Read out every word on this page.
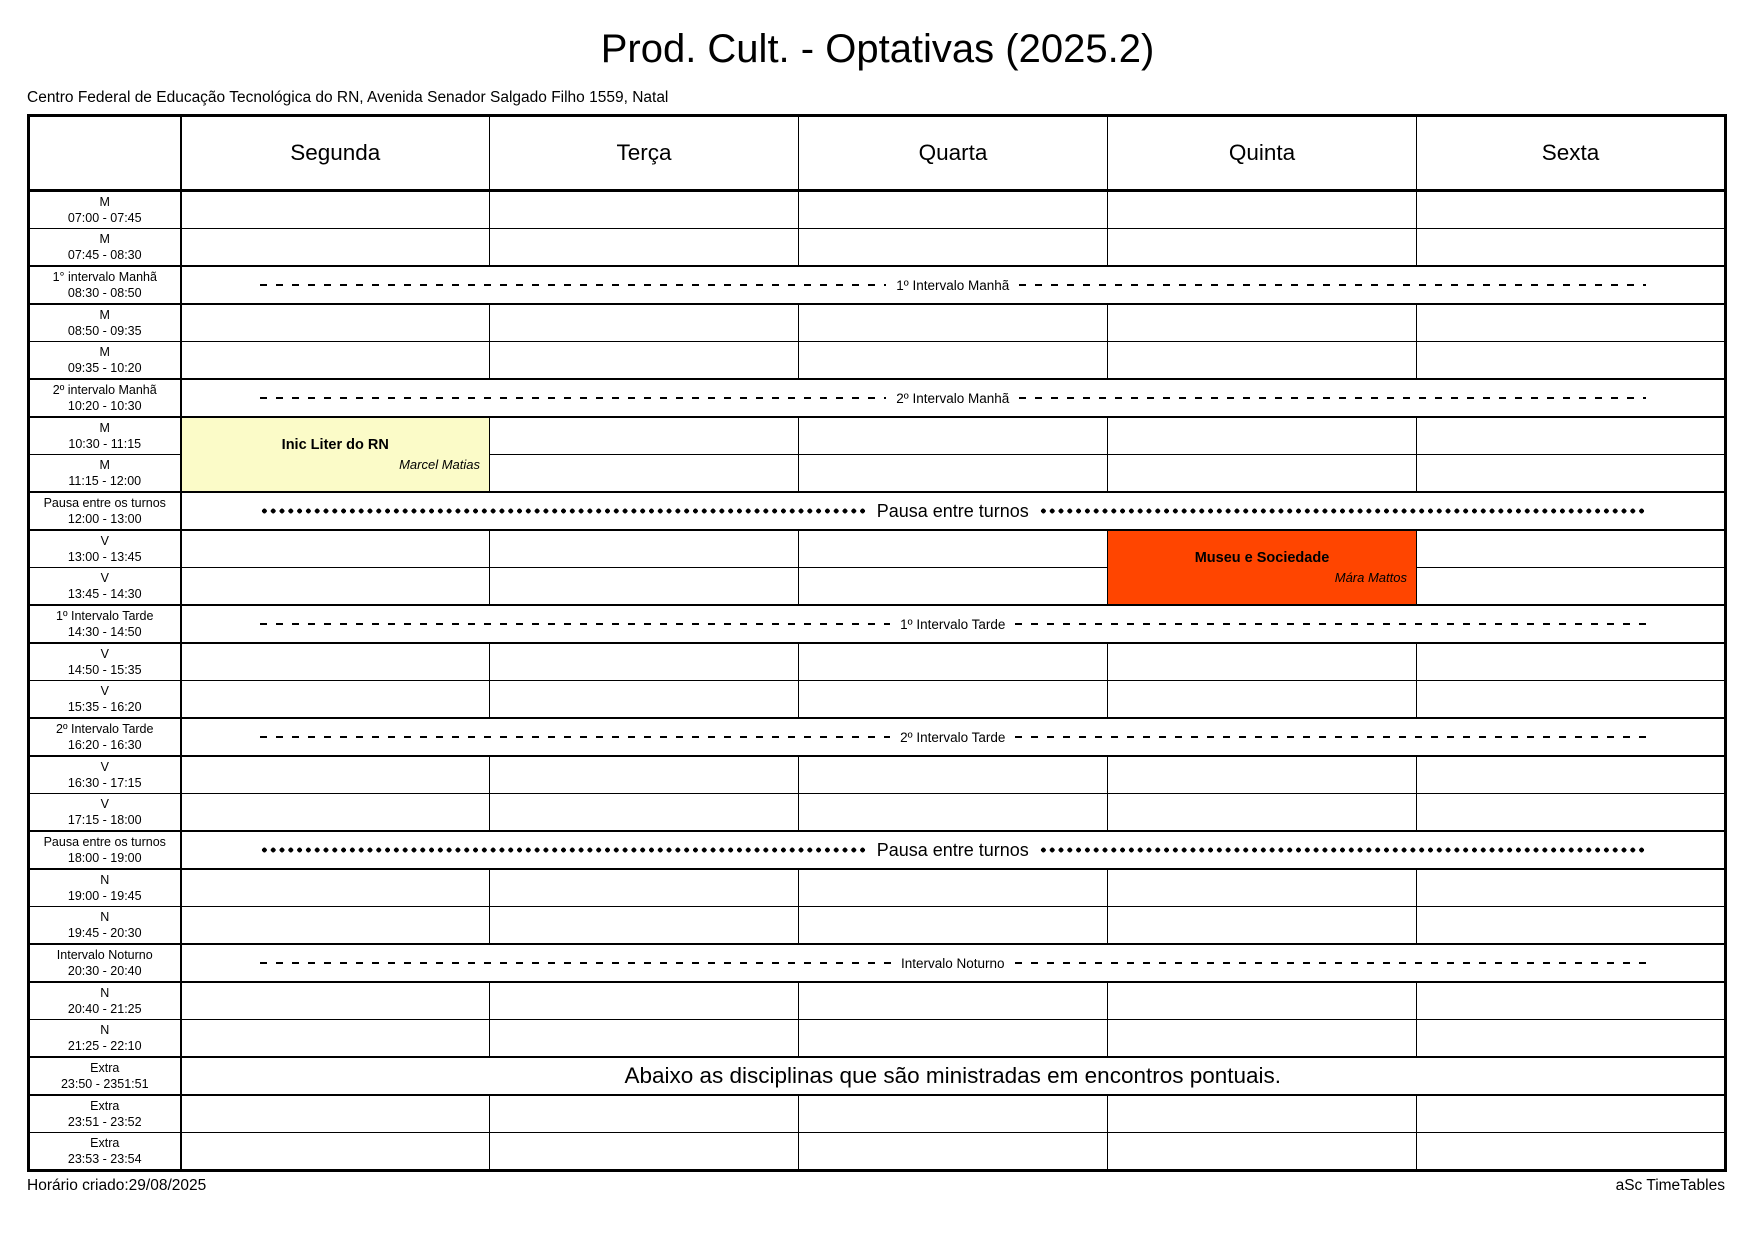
Prod. Cult. - Optativas (2025.2)
Centro Federal de Educação Tecnológica do RN, Avenida Senador Salgado Filho 1559, Natal
	Segunda	Terça	Quarta	Quinta	Sexta

M
07:00 - 07:45					

M
07:45 - 08:30					

1° intervalo Manhã
08:30 - 08:50	1º Intervalo Manhã				

M
08:50 - 09:35					

M
09:35 - 10:20					

2º intervalo Manhã
10:20 - 10:30	2º Intervalo Manhã				

M
10:30 - 11:15	Inic Liter do RN
Marcel Matias

M
11:15 - 12:00					

Pausa entre os turnos
12:00 - 13:00	Pausa entre turnos				

V
13:00 - 13:45				Museu e Sociedade
Mára Mattos

V
13:45 - 14:30					

1º Intervalo Tarde
14:30 - 14:50	1º Intervalo Tarde				

V
14:50 - 15:35					

V
15:35 - 16:20					

2º Intervalo Tarde
16:20 - 16:30	2º Intervalo Tarde				

V
16:30 - 17:15					

V
17:15 - 18:00					

Pausa entre os turnos
18:00 - 19:00	Pausa entre turnos				

N
19:00 - 19:45					

N
19:45 - 20:30					

Intervalo Noturno
20:30 - 20:40	Intervalo Noturno				

N
20:40 - 21:25					

N
21:25 - 22:10					

Extra
23:50 - 2351:51	Abaixo as disciplinas que são ministradas em encontros pontuais.				

Extra
23:51 - 23:52					

Extra
23:53 - 23:54					

Horário criado:29/08/2025	aSc TimeTables
